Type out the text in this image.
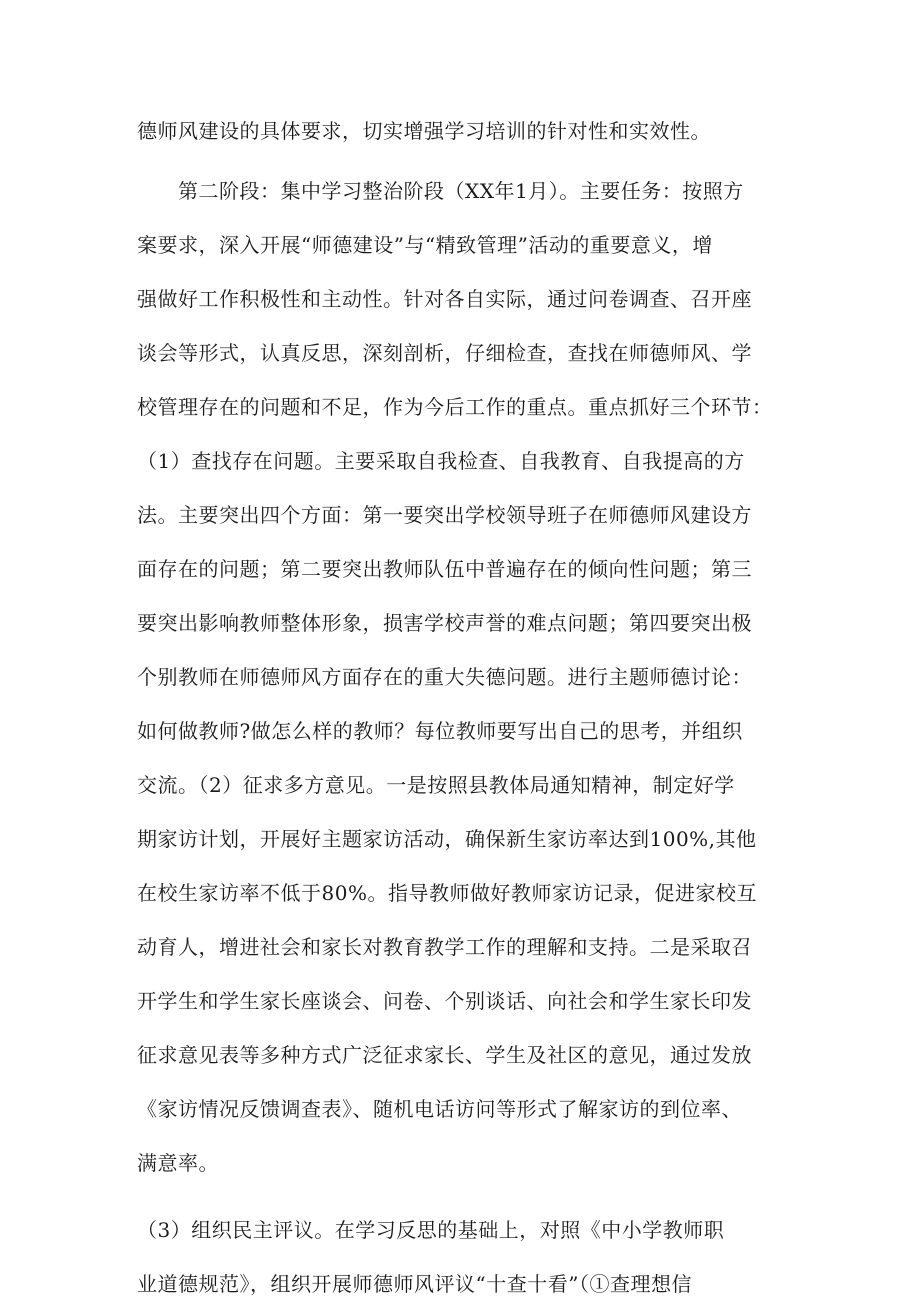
德师风建设的具体要求，切实增强学习培训的针对性和实效性。
第二阶段：集中学习整治阶段（XX年1月）。主要任务：按照方
案要求，深入开展“师德建设”与“精致管理”活动的重要意义，增
强做好工作积极性和主动性。针对各自实际，通过问卷调查、召开座
谈会等形式，认真反思，深刻剖析，仔细检查，查找在师德师风、学
校管理存在的问题和不足，作为今后工作的重点。重点抓好三个环节：
（1）查找存在问题。主要采取自我检查、自我教育、自我提高的方
法。主要突出四个方面：第一要突出学校领导班子在师德师风建设方
面存在的问题；第二要突出教师队伍中普遍存在的倾向性问题；第三
要突出影响教师整体形象，损害学校声誉的难点问题；第四要突出极
个别教师在师德师风方面存在的重大失德问题。进行主题师德讨论：
如何做教师?做怎么样的教师？每位教师要写出自己的思考，并组织
交流。（2）征求多方意见。一是按照县教体局通知精神，制定好学
期家访计划，开展好主题家访活动，确保新生家访率达到100%,其他
在校生家访率不低于80%。指导教师做好教师家访记录，促进家校互
动育人，增进社会和家长对教育教学工作的理解和支持。二是采取召
开学生和学生家长座谈会、问卷、个别谈话、向社会和学生家长印发
征求意见表等多种方式广泛征求家长、学生及社区的意见，通过发放
《家访情况反馈调查表》、随机电话访问等形式了解家访的到位率、
满意率。
（3）组织民主评议。在学习反思的基础上，对照《中小学教师职
业道德规范》，组织开展师德师风评议“十查十看”（①查理想信
